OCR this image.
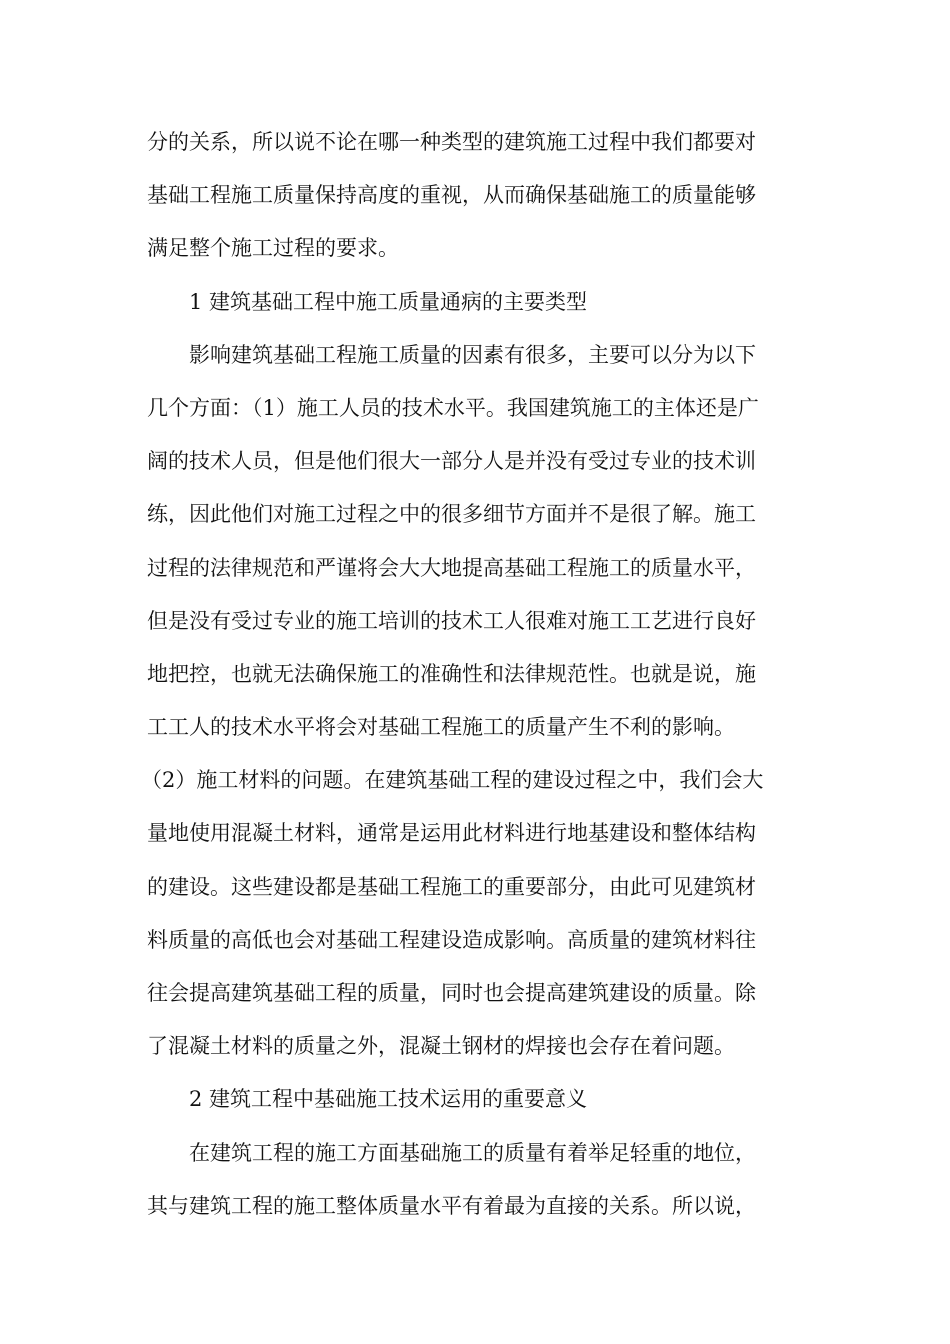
分的关系，所以说不论在哪一种类型的建筑施工过程中我们都要对
基础工程施工质量保持高度的重视，从而确保基础施工的质量能够
满足整个施工过程的要求。
1 建筑基础工程中施工质量通病的主要类型
影响建筑基础工程施工质量的因素有很多，主要可以分为以下
几个方面：（1）施工人员的技术水平。我国建筑施工的主体还是广
阔的技术人员，但是他们很大一部分人是并没有受过专业的技术训
练，因此他们对施工过程之中的很多细节方面并不是很了解。施工
过程的法律规范和严谨将会大大地提高基础工程施工的质量水平，
但是没有受过专业的施工培训的技术工人很难对施工工艺进行良好
地把控，也就无法确保施工的准确性和法律规范性。也就是说，施
工工人的技术水平将会对基础工程施工的质量产生不利的影响。
（2）施工材料的问题。在建筑基础工程的建设过程之中，我们会大
量地使用混凝土材料，通常是运用此材料进行地基建设和整体结构
的建设。这些建设都是基础工程施工的重要部分，由此可见建筑材
料质量的高低也会对基础工程建设造成影响。高质量的建筑材料往
往会提高建筑基础工程的质量，同时也会提高建筑建设的质量。除
了混凝土材料的质量之外，混凝土钢材的焊接也会存在着问题。
2 建筑工程中基础施工技术运用的重要意义
在建筑工程的施工方面基础施工的质量有着举足轻重的地位，
其与建筑工程的施工整体质量水平有着最为直接的关系。所以说，
